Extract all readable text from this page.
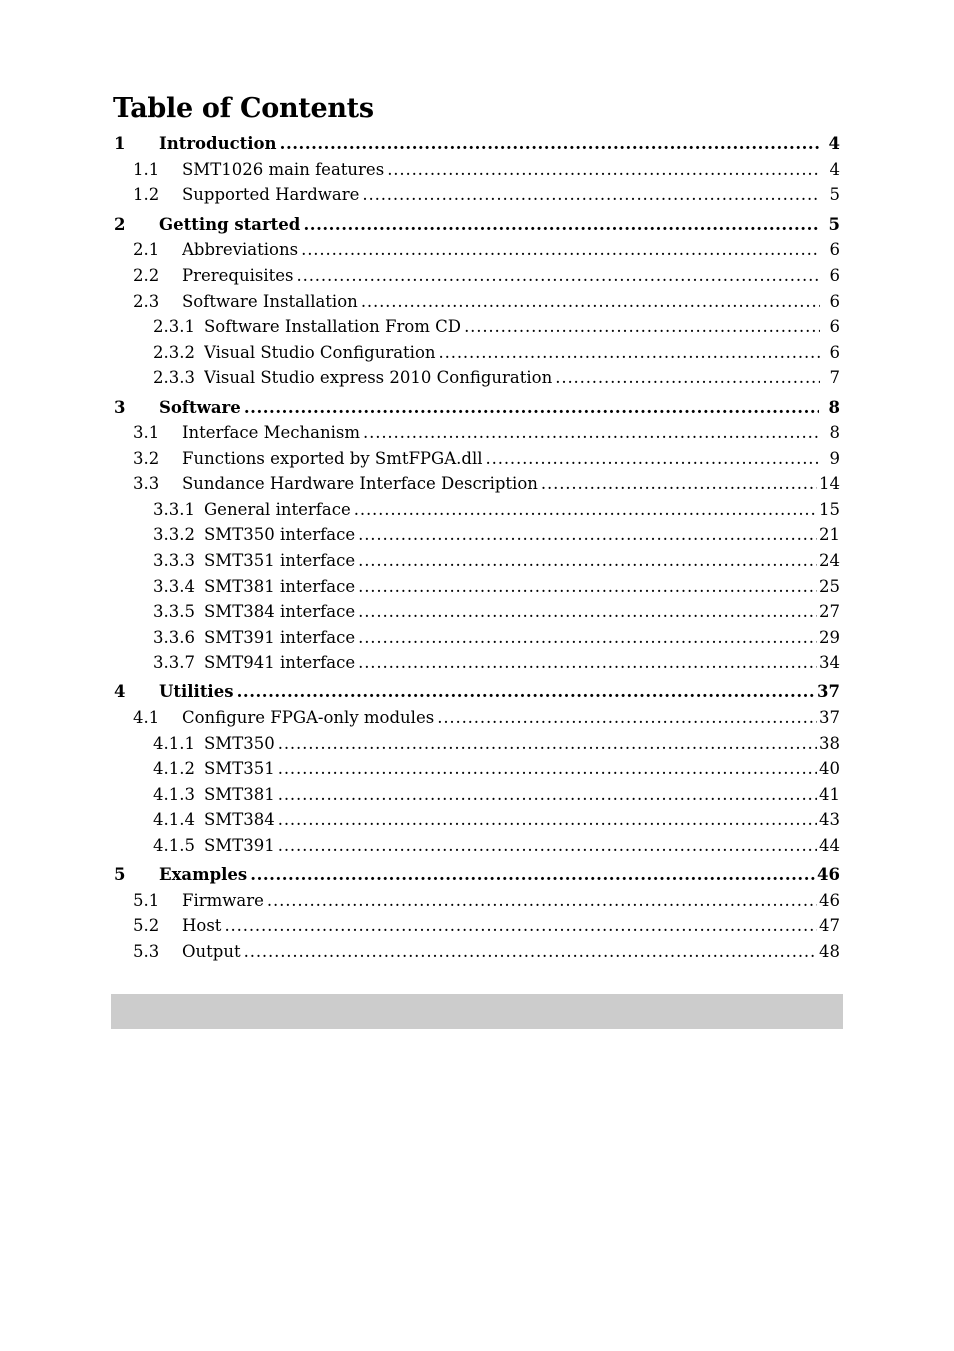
Table of Contents
1 Introduction . . .	4
1.1 SMT1026 main features . . .	4
1.2 Supported Hardware . . .	5
2 Getting started . . .	5
2.1 Abbreviations . . .	6
2.2 Prerequisites . . .	6
2.3 Software Installation . . .	6
2.3.1 Software Installation From CD . . .	6
2.3.2 Visual Studio Configuration . . .	6
2.3.3 Visual Studio express 2010 Configuration . . .	7
3 Software . . .	8
3.1 Interface Mechanism . . .	8
3.2 Functions exported by SmtFPGA.dll . . .	9
3.3 Sundance Hardware Interface Description . . .	14
3.3.1 General interface . . .	15
3.3.2 SMT350 interface . . .	21
3.3.3 SMT351 interface . . .	24
3.3.4 SMT381 interface . . .	25
3.3.5 SMT384 interface . . .	27
3.3.6 SMT391 interface . . .	29
3.3.7 SMT941 interface . . .	34
4 Utilities . . .	37
4.1 Configure FPGA-only modules . . .	37
4.1.1 SMT350 . . .	38
4.1.2 SMT351 . . .	40
4.1.3 SMT381 . . .	41
4.1.4 SMT384 . . .	43
4.1.5 SMT391 . . .	44
5 Examples . . .	46
5.1 Firmware . . .	46
5.2 Host . . .	47
5.3 Output . . .	48
